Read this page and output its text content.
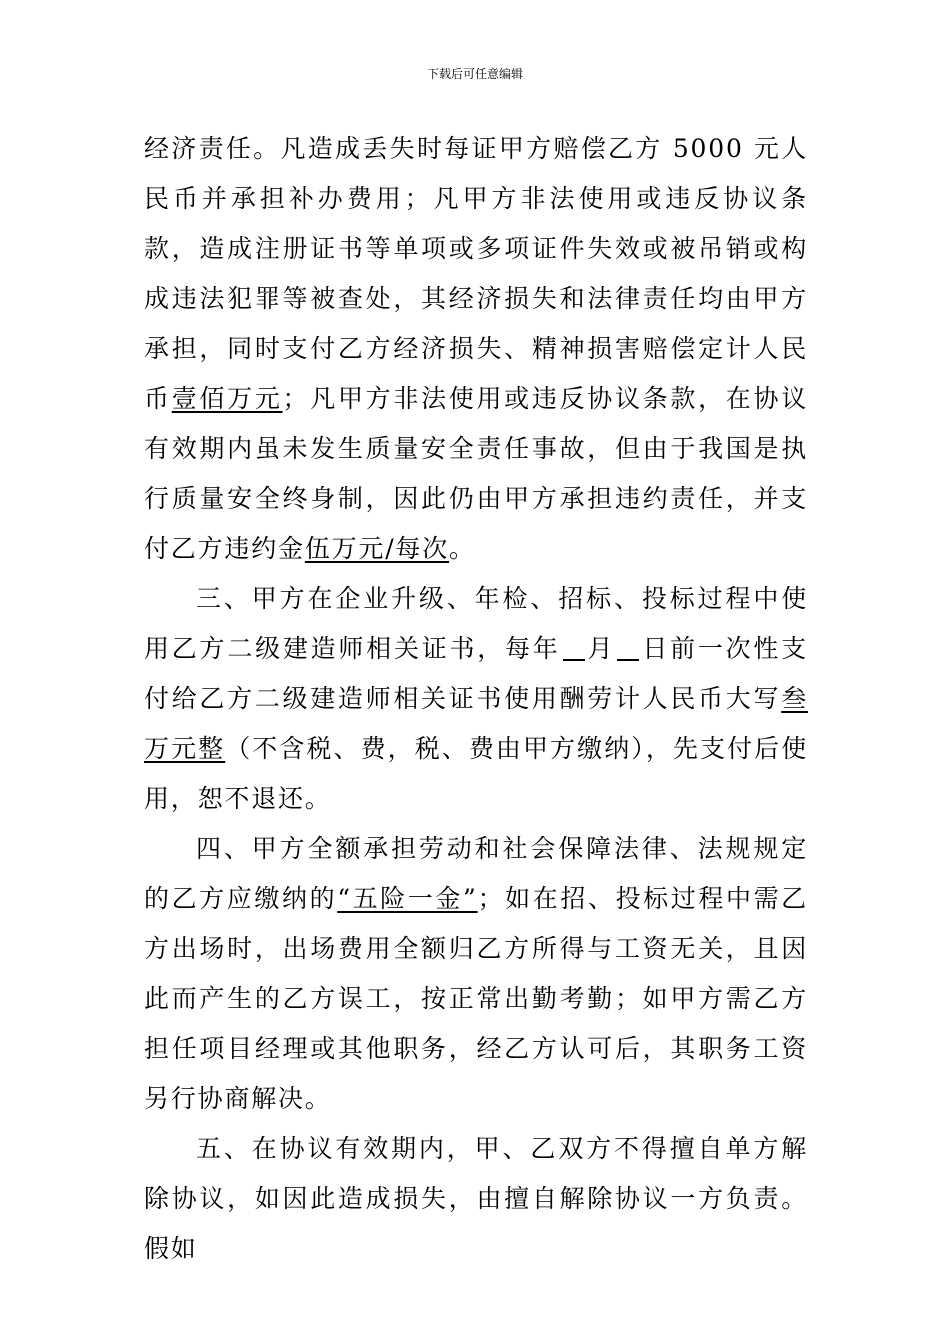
下载后可任意编辑

经济责任。凡造成丢失时每证甲方赔偿乙方 5000 元人民币并承担补办费用；凡甲方非法使用或违反协议条款，造成注册证书等单项或多项证件失效或被吊销或构成违法犯罪等被查处，其经济损失和法律责任均由甲方承担，同时支付乙方经济损失、精神损害赔偿定计人民币壹佰万元；凡甲方非法使用或违反协议条款，在协议有效期内虽未发生质量安全责任事故，但由于我国是执行质量安全终身制，因此仍由甲方承担违约责任，并支付乙方违约金伍万元/每次。

三、甲方在企业升级、年检、招标、投标过程中使用乙方二级建造师相关证书，每年 月 日前一次性支付给乙方二级建造师相关证书使用酬劳计人民币大写叁万元整（不含税、费，税、费由甲方缴纳），先支付后使用，恕不退还。

四、甲方全额承担劳动和社会保障法律、法规规定的乙方应缴纳的“五险一金”；如在招、投标过程中需乙方出场时，出场费用全额归乙方所得与工资无关，且因此而产生的乙方误工，按正常出勤考勤；如甲方需乙方担任项目经理或其他职务，经乙方认可后，其职务工资另行协商解决。

五、在协议有效期内，甲、乙双方不得擅自单方解除协议，如因此造成损失，由擅自解除协议一方负责。假如
